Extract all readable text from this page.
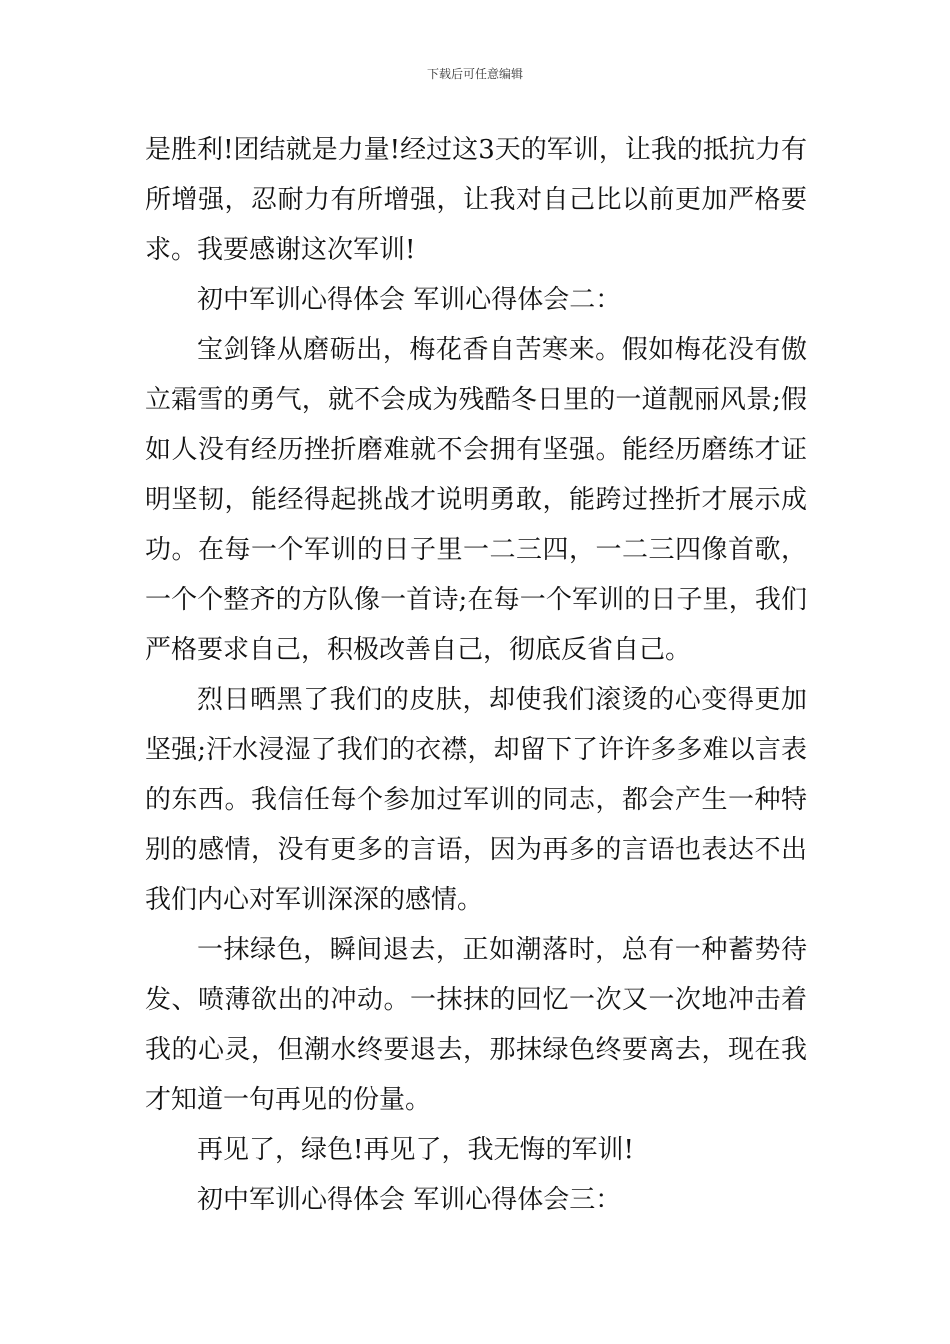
下载后可任意编辑

是胜利!团结就是力量!经过这3天的军训，让我的抵抗力有所增强，忍耐力有所增强，让我对自己比以前更加严格要求。我要感谢这次军训!

初中军训心得体会 军训心得体会二：

宝剑锋从磨砺出，梅花香自苦寒来。假如梅花没有傲立霜雪的勇气，就不会成为残酷冬日里的一道靓丽风景;假如人没有经历挫折磨难就不会拥有坚强。能经历磨练才证明坚韧，能经得起挑战才说明勇敢，能跨过挫折才展示成功。在每一个军训的日子里一二三四，一二三四像首歌，一个个整齐的方队像一首诗;在每一个军训的日子里，我们严格要求自己，积极改善自己，彻底反省自己。

烈日晒黑了我们的皮肤，却使我们滚烫的心变得更加坚强;汗水浸湿了我们的衣襟，却留下了许许多多难以言表的东西。我信任每个参加过军训的同志，都会产生一种特别的感情，没有更多的言语，因为再多的言语也表达不出我们内心对军训深深的感情。

一抹绿色，瞬间退去，正如潮落时，总有一种蓄势待发、喷薄欲出的冲动。一抹抹的回忆一次又一次地冲击着我的心灵，但潮水终要退去，那抹绿色终要离去，现在我才知道一句再见的份量。

再见了，绿色!再见了，我无悔的军训!

初中军训心得体会 军训心得体会三：
